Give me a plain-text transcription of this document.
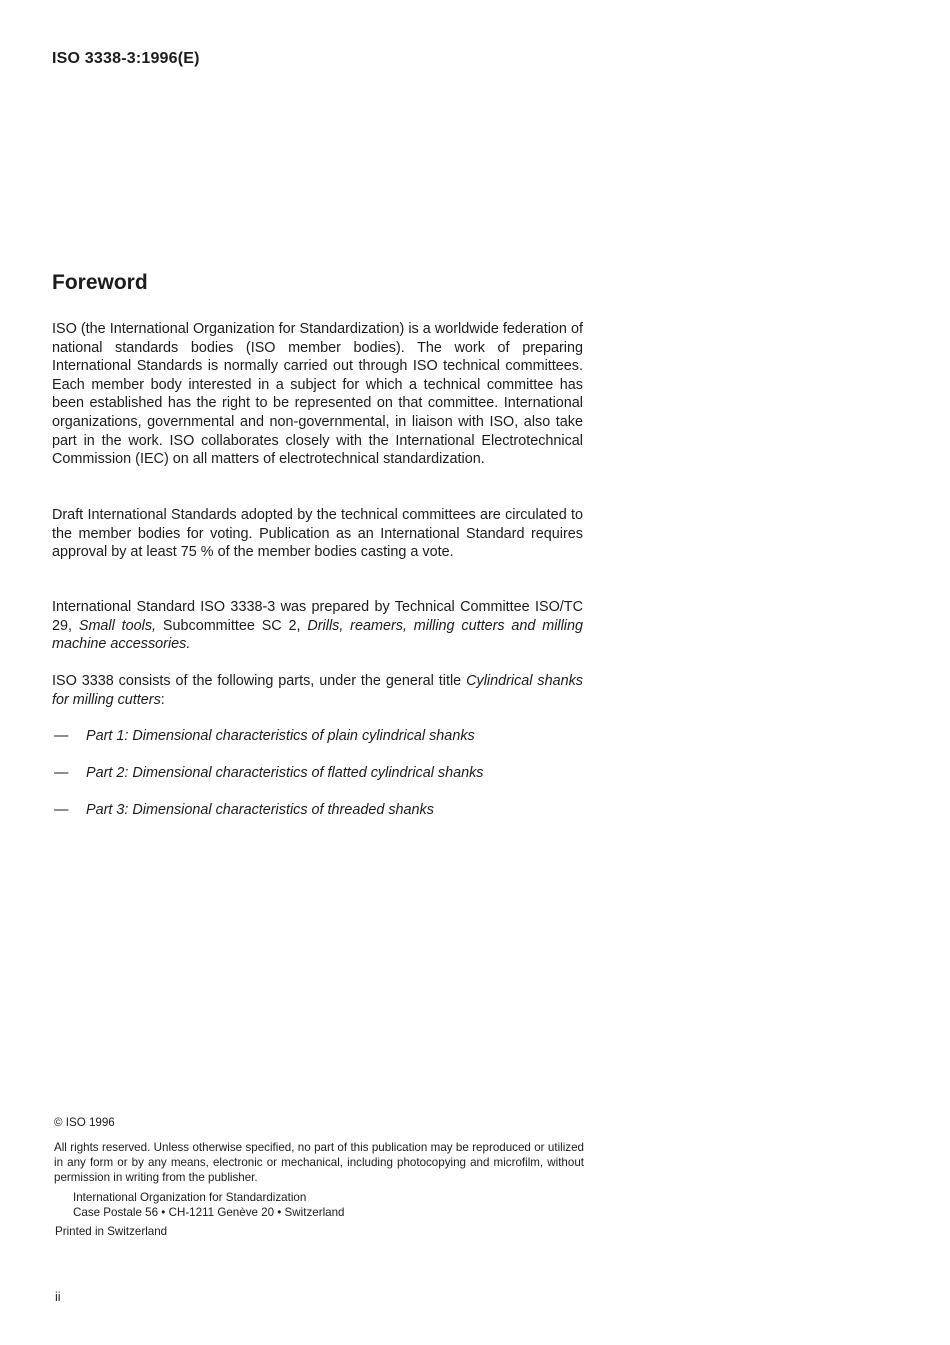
ISO 3338-3:1996(E)
Foreword

ISO (the International Organization for Standardization) is a worldwide federation of national standards bodies (ISO member bodies). The work of preparing International Standards is normally carried out through ISO technical committees. Each member body interested in a subject for which a technical committee has been established has the right to be represented on that committee. International organizations, governmental and non-governmental, in liaison with ISO, also take part in the work. ISO collaborates closely with the International Electrotechnical Commission (IEC) on all matters of electrotechnical standardization.

Draft International Standards adopted by the technical committees are circulated to the member bodies for voting. Publication as an International Standard requires approval by at least 75 % of the member bodies casting a vote.

International Standard ISO 3338-3 was prepared by Technical Committee ISO/TC 29, Small tools, Subcommittee SC 2, Drills, reamers, milling cutters and milling machine accessories.

ISO 3338 consists of the following parts, under the general title Cylindrical shanks for milling cutters:

— Part 1: Dimensional characteristics of plain cylindrical shanks
— Part 2: Dimensional characteristics of flatted cylindrical shanks
— Part 3: Dimensional characteristics of threaded shanks
© ISO 1996
All rights reserved. Unless otherwise specified, no part of this publication may be reproduced or utilized in any form or by any means, electronic or mechanical, including photocopying and microfilm, without permission in writing from the publisher.
International Organization for Standardization
Case Postale 56 • CH-1211 Genève 20 • Switzerland
Printed in Switzerland
ii
